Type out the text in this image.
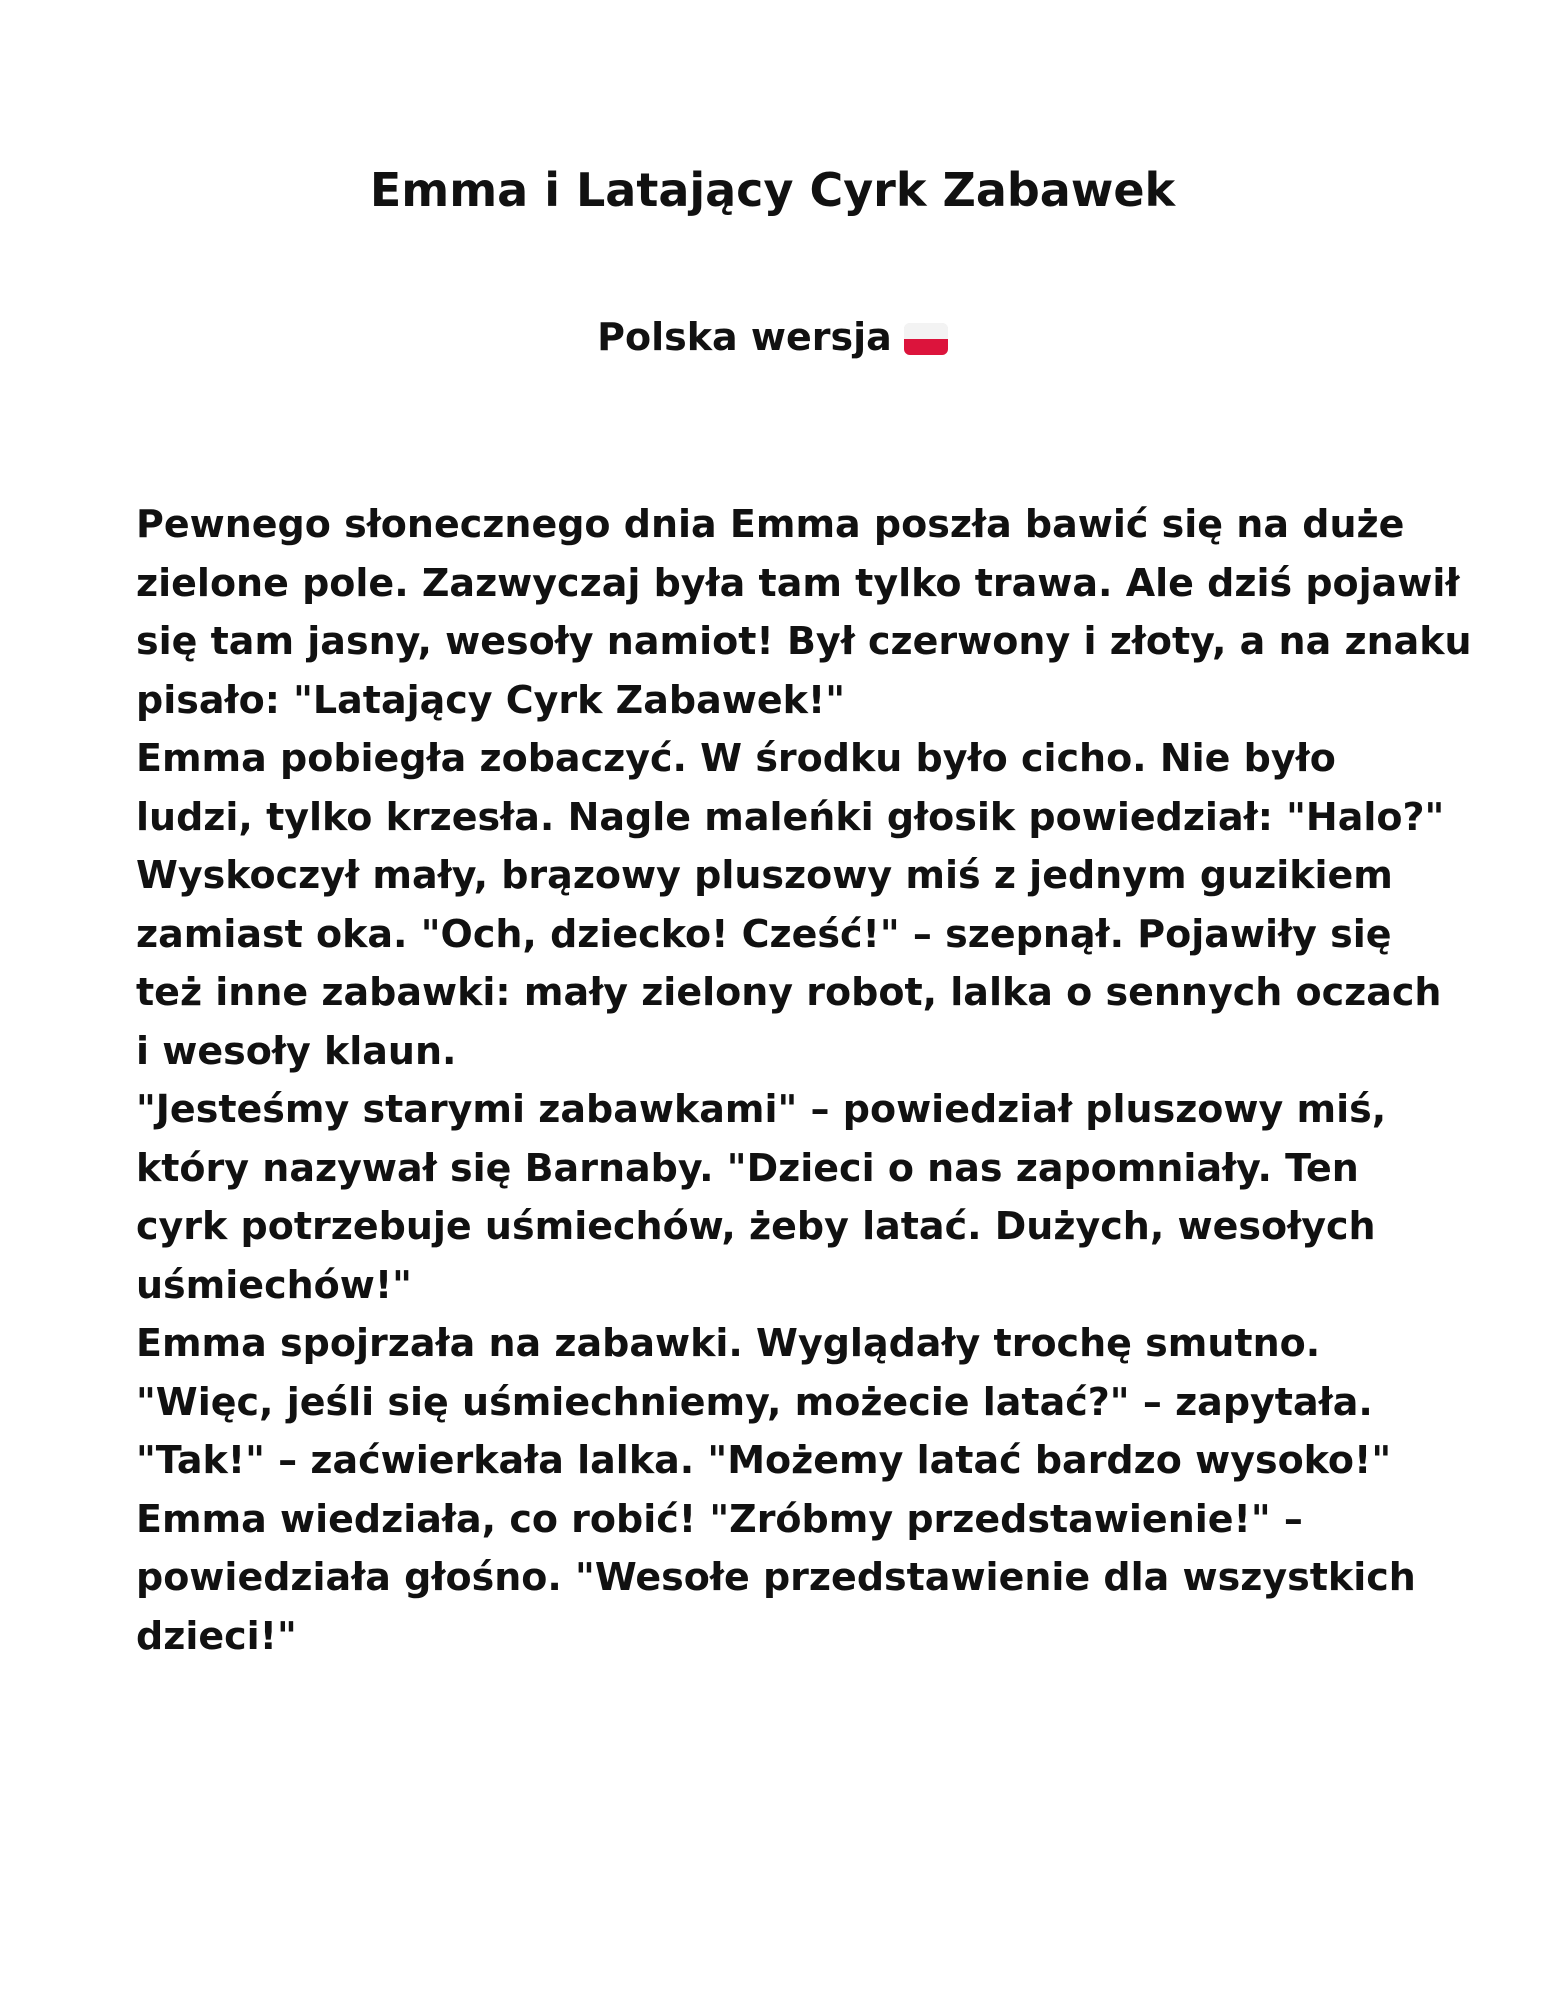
Emma i Latający Cyrk Zabawek
Polska wersja
Pewnego słonecznego dnia Emma poszła bawić się na duże
zielone pole. Zazwyczaj była tam tylko trawa. Ale dziś pojawił
się tam jasny, wesoły namiot! Był czerwony i złoty, a na znaku
pisało: "Latający Cyrk Zabawek!"
Emma pobiegła zobaczyć. W środku było cicho. Nie było
ludzi, tylko krzesła. Nagle maleńki głosik powiedział: "Halo?"
Wyskoczył mały, brązowy pluszowy miś z jednym guzikiem
zamiast oka. "Och, dziecko! Cześć!" – szepnął. Pojawiły się
też inne zabawki: mały zielony robot, lalka o sennych oczach
i wesoły klaun.
"Jesteśmy starymi zabawkami" – powiedział pluszowy miś,
który nazywał się Barnaby. "Dzieci o nas zapomniały. Ten
cyrk potrzebuje uśmiechów, żeby latać. Dużych, wesołych
uśmiechów!"
Emma spojrzała na zabawki. Wyglądały trochę smutno.
"Więc, jeśli się uśmiechniemy, możecie latać?" – zapytała.
"Tak!" – zaćwierkała lalka. "Możemy latać bardzo wysoko!"
Emma wiedziała, co robić! "Zróbmy przedstawienie!" –
powiedziała głośno. "Wesołe przedstawienie dla wszystkich
dzieci!"
